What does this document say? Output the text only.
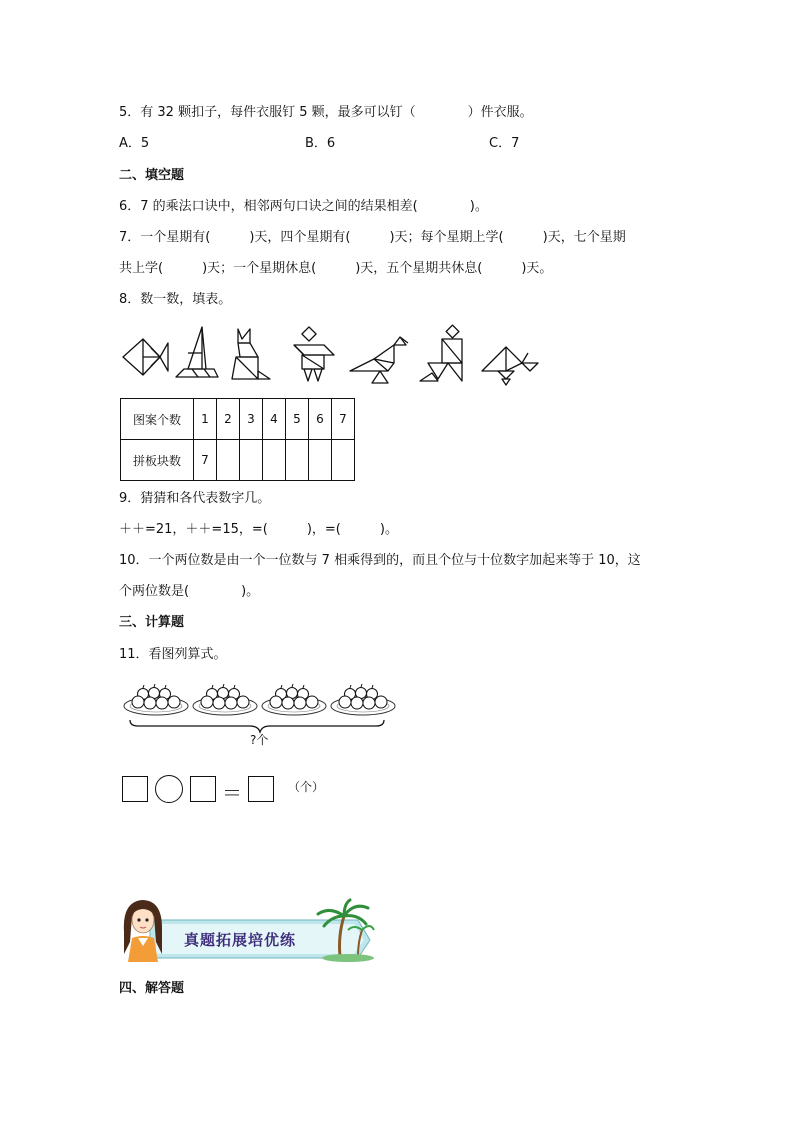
5．有 32 颗扣子，每件衣服钉 5 颗，最多可以钉（　　　　）件衣服。
A．5	B．6	C．7
二、填空题
6．7 的乘法口诀中，相邻两句口诀之间的结果相差(　　　　)。
7．一个星期有(　　　)天，四个星期有(　　　)天；每个星期上学(　　　)天，七个星期
共上学(　　　)天；一个星期休息(　　　)天，五个星期共休息(　　　)天。
8．数一数，填表。
图案个数	1	2	3	4	5	6	7
拼板块数	7						
9．猜猜和各代表数字几。
＋＋=21，＋＋=15，=(　　　)，=(　　　)。
10．一个两位数是由一个一位数与 7 相乘得到的，而且个位与十位数字加起来等于 10，这
个两位数是(　　　　)。
三、计算题
11．看图列算式。
?个
＝	（个）
真题拓展培优练
四、解答题
